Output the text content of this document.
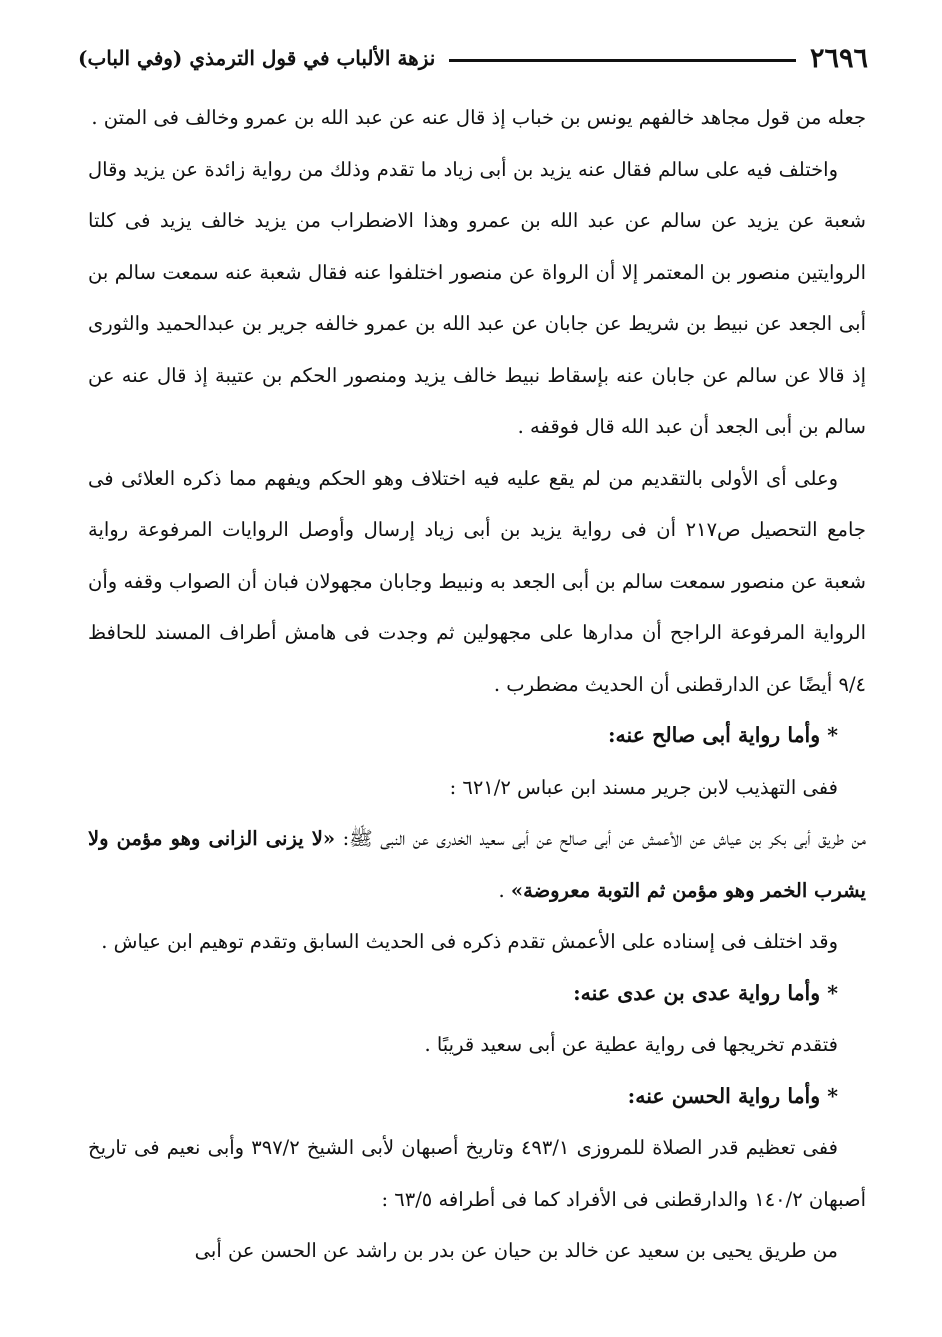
٢٦٩٦
نزهة الألباب في قول الترمذي (وفي الباب)

جعله من قول مجاهد خالفهم يونس بن خباب إذ قال عنه عن عبد الله بن عمرو وخالف فى المتن .

واختلف فيه على سالم فقال عنه يزيد بن أبى زياد ما تقدم وذلك من رواية زائدة عن يزيد وقال شعبة عن يزيد عن سالم عن عبد الله بن عمرو وهذا الاضطراب من يزيد خالف يزيد فى كلتا الروايتين منصور بن المعتمر إلا أن الرواة عن منصور اختلفوا عنه فقال شعبة عنه سمعت سالم بن أبى الجعد عن نبيط بن شريط عن جابان عن عبد الله بن عمرو خالفه جرير بن عبدالحميد والثورى إذ قالا عن سالم عن جابان عنه بإسقاط نبيط خالف يزيد ومنصور الحكم بن عتيبة إذ قال عنه عن سالم بن أبى الجعد أن عبد الله قال فوقفه .

وعلى أى الأولى بالتقديم من لم يقع عليه فيه اختلاف وهو الحكم ويفهم مما ذكره العلائى فى جامع التحصيل ص٢١٧ أن فى رواية يزيد بن أبى زياد إرسال وأوصل الروايات المرفوعة رواية شعبة عن منصور سمعت سالم بن أبى الجعد به ونبيط وجابان مجهولان فبان أن الصواب وقفه وأن الرواية المرفوعة الراجح أن مدارها على مجهولين ثم وجدت فى هامش أطراف المسند للحافظ ٩/٤ أيضًا عن الدارقطنى أن الحديث مضطرب .

* وأما رواية أبى صالح عنه:

ففى التهذيب لابن جرير مسند ابن عباس ٦٢١/٢ :

من طريق أبى بكر بن عياش عن الأعمش عن أبى صالح عن أبى سعيد الخدرى عن النبى ﷺ: «لا يزنى الزانى وهو مؤمن ولا يشرب الخمر وهو مؤمن ثم التوبة معروضة» .

وقد اختلف فى إسناده على الأعمش تقدم ذكره فى الحديث السابق وتقدم توهيم ابن عياش .

* وأما رواية عدى بن عدى عنه:

فتقدم تخريجها فى رواية عطية عن أبى سعيد قريبًا .

* وأما رواية الحسن عنه:

ففى تعظيم قدر الصلاة للمروزى ٤٩٣/١ وتاريخ أصبهان لأبى الشيخ ٣٩٧/٢ وأبى نعيم فى تاريخ أصبهان ١٤٠/٢ والدارقطنى فى الأفراد كما فى أطرافه ٦٣/٥ :

من طريق يحيى بن سعيد عن خالد بن حيان عن بدر بن راشد عن الحسن عن أبى
